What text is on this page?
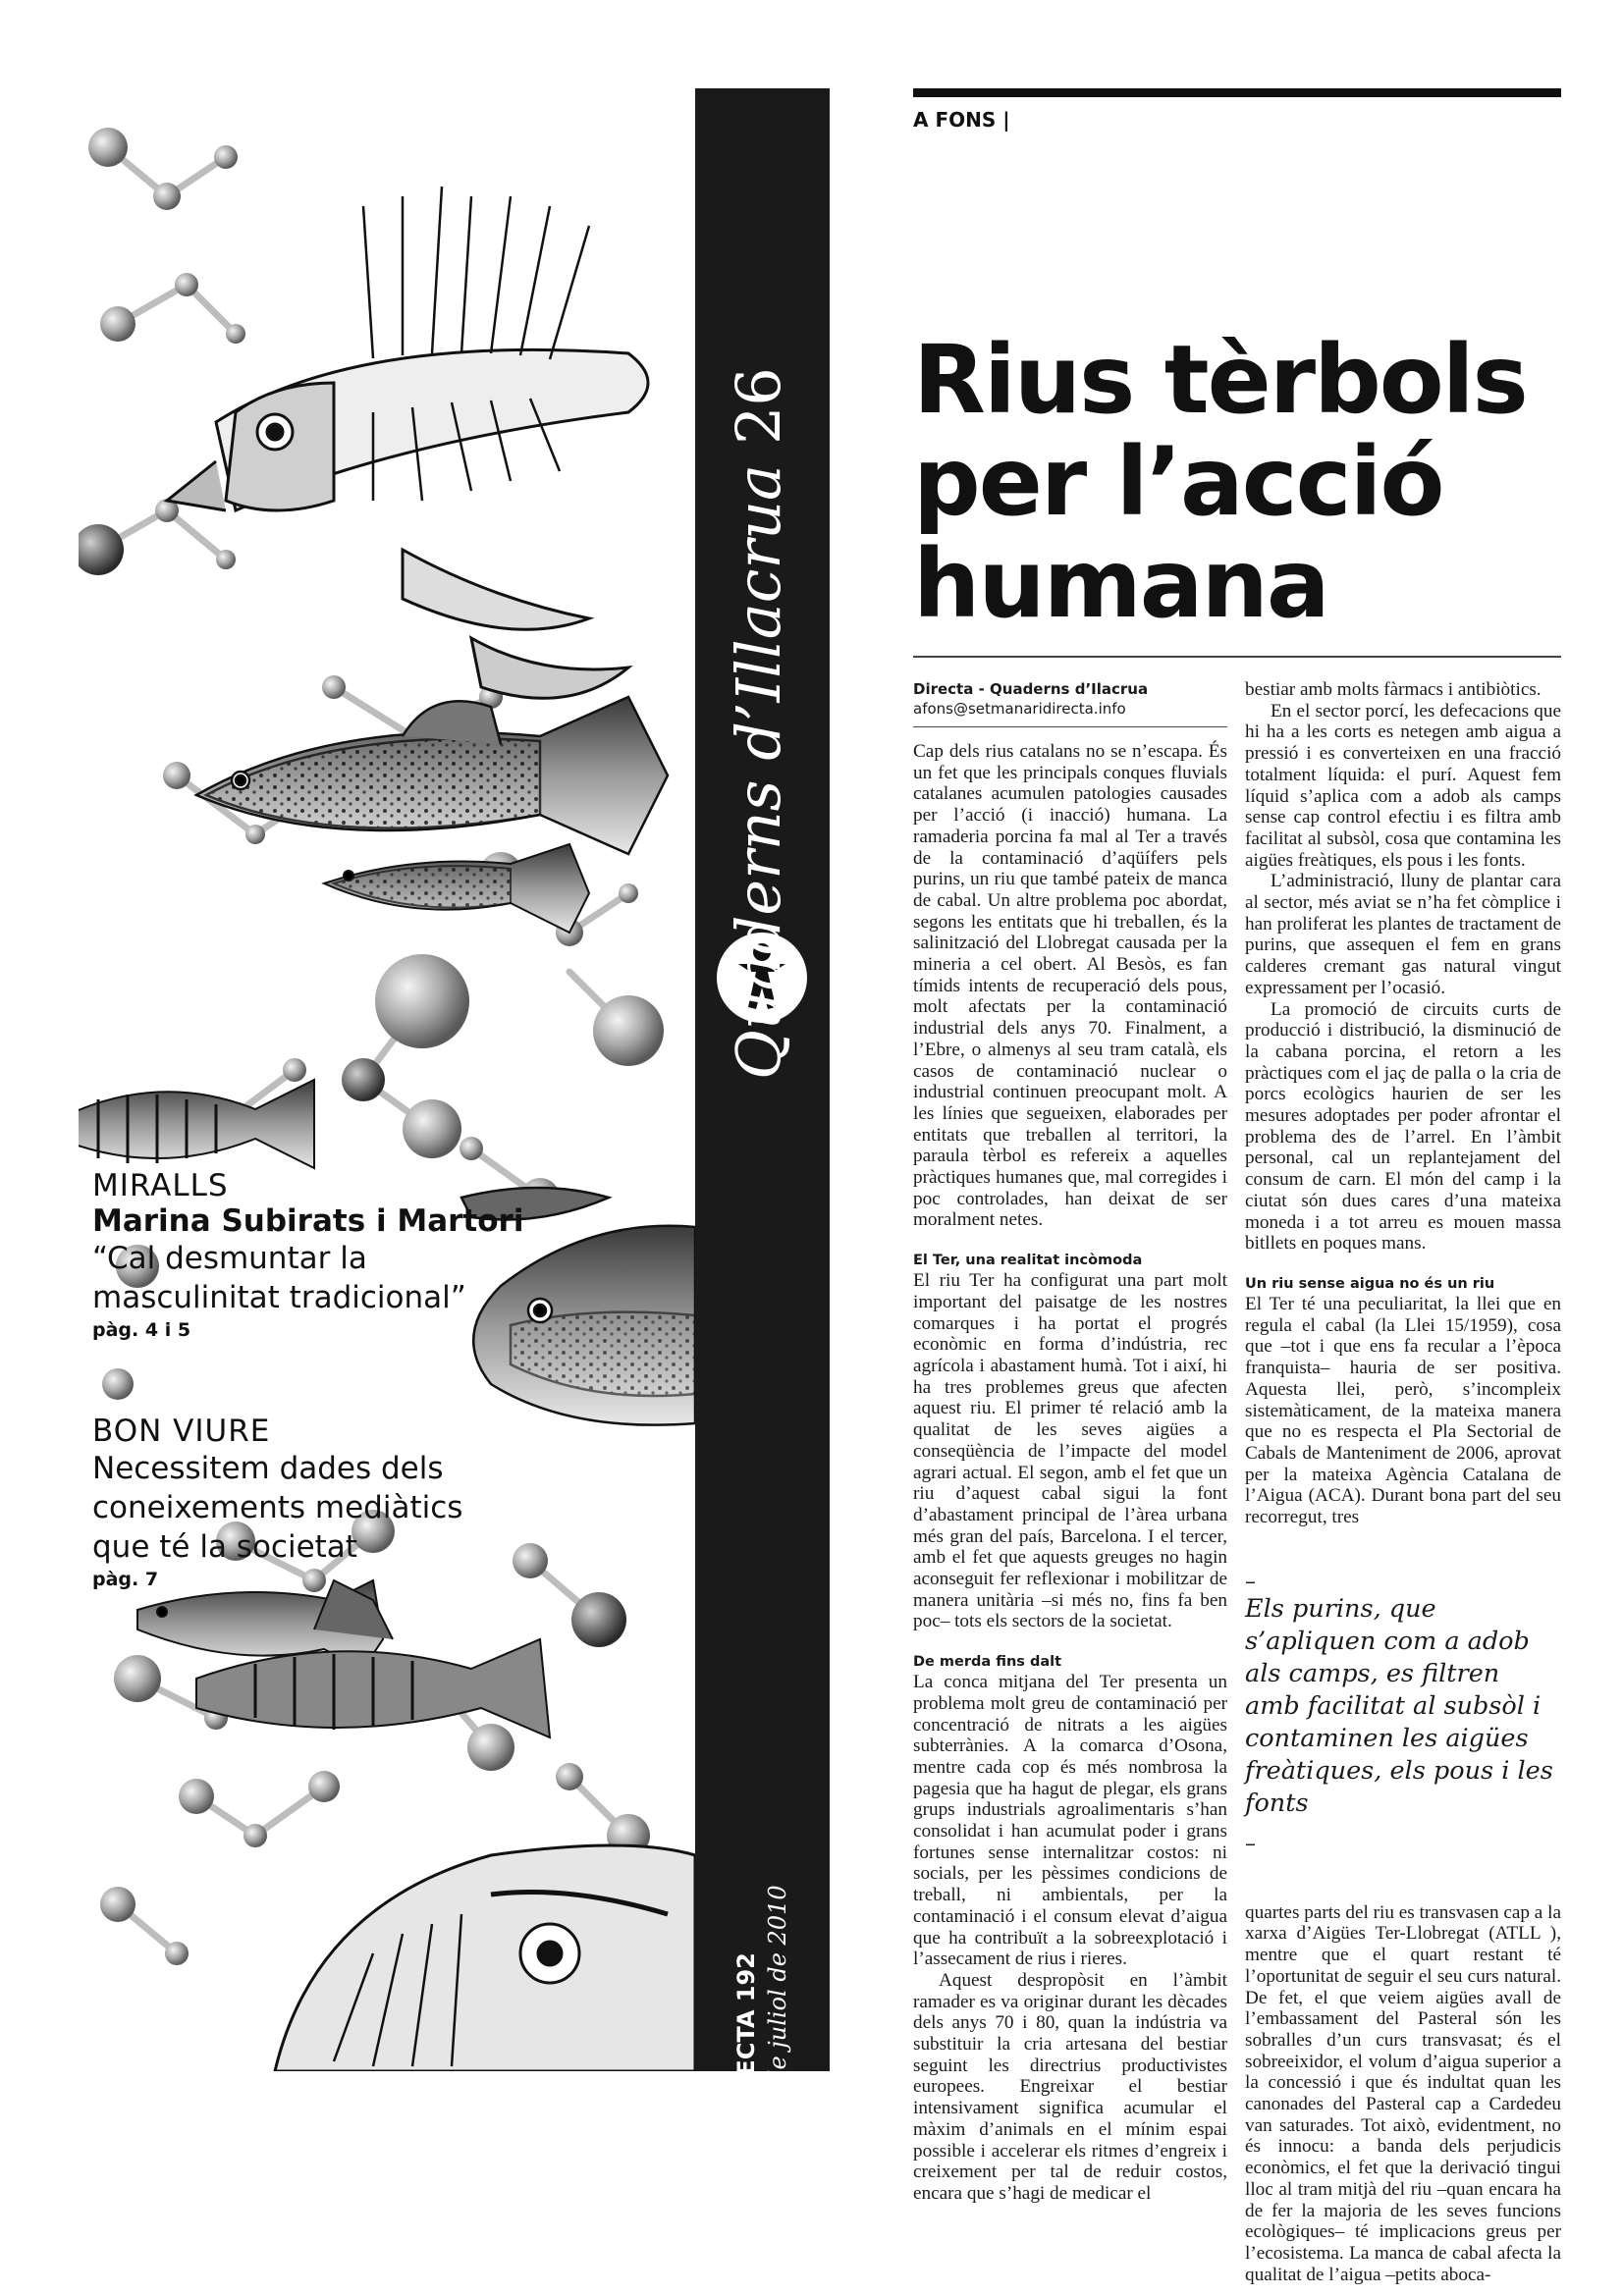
Quaderns d’Illacrua26
DIRECTA 192 14 de juliol de 2010
MIRALLS
Marina Subirats i Martori
“Cal desmuntar la masculinitat tradicional”
pàg. 4 i 5
BON VIURE
Necessitem dades dels coneixements mediàtics que té la societat
pàg. 7
A FONS |
Rius tèrbols per l’acció humana
Directa - Quaderns d’Ilacrua
afons@setmanaridirecta.info

Cap dels rius catalans no se n’escapa. És un fet que les principals conques fluvials catalanes acumulen patologies causades per l’acció (i inacció) humana. La ramaderia porcina fa mal al Ter a través de la contaminació d’aqüífers pels purins, un riu que també pateix de manca de cabal. Un altre problema poc abordat, segons les entitats que hi treballen, és la salinització del Llobregat causada per la mineria a cel obert. Al Besòs, es fan tímids intents de recuperació dels pous, molt afectats per la contaminació industrial dels anys 70. Finalment, a l’Ebre, o almenys al seu tram català, els casos de contaminació nuclear o industrial continuen preocupant molt. A les línies que segueixen, elaborades per entitats que treballen al territori, la paraula tèrbol es refereix a aquelles pràctiques humanes que, mal corregides i poc controlades, han deixat de ser moralment netes.

El Ter, una realitat incòmoda

El riu Ter ha configurat una part molt important del paisatge de les nostres comarques i ha portat el progrés econòmic en forma d’indústria, rec agrícola i abastament humà. Tot i així, hi ha tres problemes greus que afecten aquest riu. El primer té relació amb la qualitat de les seves aigües a conseqüència de l’impacte del model agrari actual. El segon, amb el fet que un riu d’aquest cabal sigui la font d’abastament principal de l’àrea urbana més gran del país, Barcelona. I el tercer, amb el fet que aquests greuges no hagin aconseguit fer reflexionar i mobilitzar de manera unitària –si més no, fins fa ben poc– tots els sectors de la societat.

De merda fins dalt

La conca mitjana del Ter presenta un problema molt greu de contaminació per concentració de nitrats a les aigües subterrànies. A la comarca d’Osona, mentre cada cop és més nombrosa la pagesia que ha hagut de plegar, els grans grups industrials agroalimentaris s’han consolidat i han acumulat poder i grans fortunes sense internalitzar costos: ni socials, per les pèssimes condicions de treball, ni ambientals, per la contaminació i el consum elevat d’aigua que ha contribuït a la sobreexplotació i l’assecament de rius i rieres.

Aquest despropòsit en l’àmbit ramader es va originar durant les dècades dels anys 70 i 80, quan la indústria va substituir la cria artesana del bestiar seguint les directrius productivistes europees. Engreixar el bestiar intensivament significa acumular el màxim d’animals en el mínim espai possible i accelerar els ritmes d’engreix i creixement per tal de reduir costos, encara que s’hagi de medicar el

bestiar amb molts fàrmacs i antibiòtics.

En el sector porcí, les defecacions que hi ha a les corts es netegen amb aigua a pressió i es converteixen en una fracció totalment líquida: el purí. Aquest fem líquid s’aplica com a adob als camps sense cap control efectiu i es filtra amb facilitat al subsòl, cosa que contamina les aigües freàtiques, els pous i les fonts.

L’administració, lluny de plantar cara al sector, més aviat se n’ha fet còmplice i han proliferat les plantes de tractament de purins, que assequen el fem en grans calderes cremant gas natural vingut expressament per l’ocasió.

La promoció de circuits curts de producció i distribució, la disminució de la cabana porcina, el retorn a les pràctiques com el jaç de palla o la cria de porcs ecològics haurien de ser les mesures adoptades per poder afrontar el problema des de l’arrel. En l’àmbit personal, cal un replantejament del consum de carn. El món del camp i la ciutat són dues cares d’una mateixa moneda i a tot arreu es mouen massa bitllets en poques mans.

Un riu sense aigua no és un riu

El Ter té una peculiaritat, la llei que en regula el cabal (la Llei 15/1959), cosa que –tot i que ens fa recular a l’època franquista– hauria de ser positiva. Aquesta llei, però, s’incompleix sistemàticament, de la mateixa manera que no es respecta el Pla Sectorial de Cabals de Manteniment de 2006, aprovat per la mateixa Agència Catalana de l’Aigua (ACA). Durant bona part del seu recorregut, tres

–
Els purins, que s’apliquen com a adob als camps, es filtren amb facilitat al subsòl i contaminen les aigües freàtiques, els pous i les fonts
–

quartes parts del riu es transvasen cap a la xarxa d’Aigües Ter-Llobregat (ATLL ), mentre que el quart restant té l’oportunitat de seguir el seu curs natural. De fet, el que veiem aigües avall de l’embassament del Pasteral són les sobralles d’un curs transvasat; és el sobreeixidor, el volum d’aigua superior a la concessió i que és indultat quan les canonades del Pasteral cap a Cardedeu van saturades. Tot això, evidentment, no és innocu: a banda dels perjudicis econòmics, el fet que la derivació tingui lloc al tram mitjà del riu –quan encara ha de fer la majoria de les seves funcions ecològiques– té implicacions greus per l’ecosistema. La manca de cabal afecta la qualitat de l’aigua –petits aboca-
